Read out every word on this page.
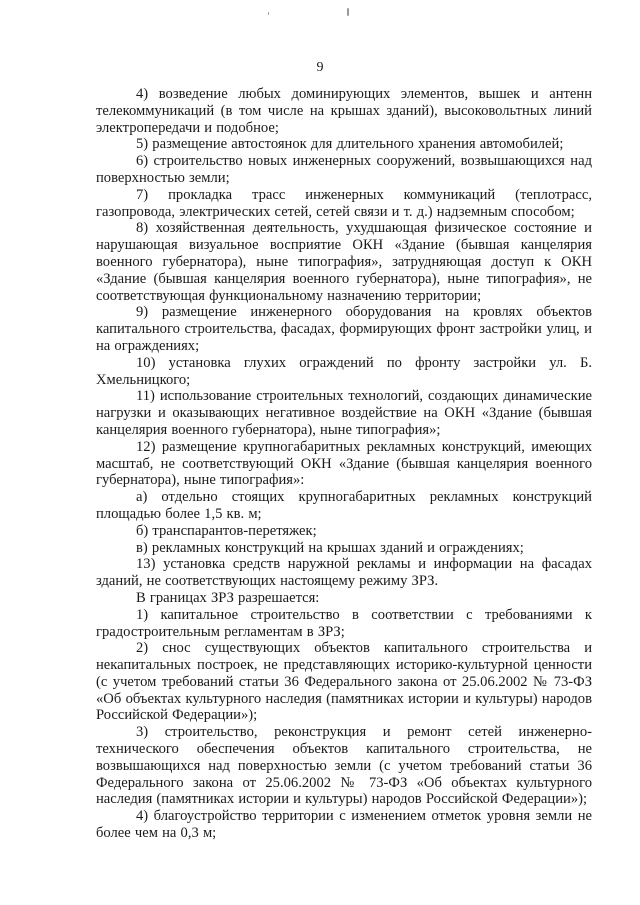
9

4) возведение любых доминирующих элементов, вышек и антенн телекоммуникаций (в том числе на крышах зданий), высоковольтных линий электропередачи и подобное;

5) размещение автостоянок для длительного хранения автомобилей;

6) строительство новых инженерных сооружений, возвышающихся над поверхностью земли;

7) прокладка трасс инженерных коммуникаций (теплотрасс, газопровода, электрических сетей, сетей связи и т. д.) надземным способом;

8) хозяйственная деятельность, ухудшающая физическое состояние и нарушающая визуальное восприятие ОКН «Здание (бывшая канцелярия военного губернатора), ныне типография», затрудняющая доступ к ОКН «Здание (бывшая канцелярия военного губернатора), ныне типография», не соответствующая функциональному назначению территории;

9) размещение инженерного оборудования на кровлях объектов капитального строительства, фасадах, формирующих фронт застройки улиц, и на ограждениях;

10) установка глухих ограждений по фронту застройки ул. Б. Хмельницкого;

11) использование строительных технологий, создающих динамические нагрузки и оказывающих негативное воздействие на ОКН «Здание (бывшая канцелярия военного губернатора), ныне типография»;

12) размещение крупногабаритных рекламных конструкций, имеющих масштаб, не соответствующий ОКН «Здание (бывшая канцелярия военного губернатора), ныне типография»:

а) отдельно стоящих крупногабаритных рекламных конструкций площадью более 1,5 кв. м;

б) транспарантов-перетяжек;

в) рекламных конструкций на крышах зданий и ограждениях;

13) установка средств наружной рекламы и информации на фасадах зданий, не соответствующих настоящему режиму ЗРЗ.

В границах ЗРЗ разрешается:

1) капитальное строительство в соответствии с требованиями к градостроительным регламентам в ЗРЗ;

2) снос существующих объектов капитального строительства и некапитальных построек, не представляющих историко-культурной ценности (с учетом требований статьи 36 Федерального закона от 25.06.2002 № 73-ФЗ «Об объектах культурного наследия (памятниках истории и культуры) народов Российской Федерации»);

3) строительство, реконструкция и ремонт сетей инженерно-технического обеспечения объектов капитального строительства, не возвышающихся над поверхностью земли (с учетом требований статьи 36 Федерального закона от 25.06.2002 № 73-ФЗ «Об объектах культурного наследия (памятниках истории и культуры) народов Российской Федерации»);

4) благоустройство территории с изменением отметок уровня земли не более чем на 0,3 м;
